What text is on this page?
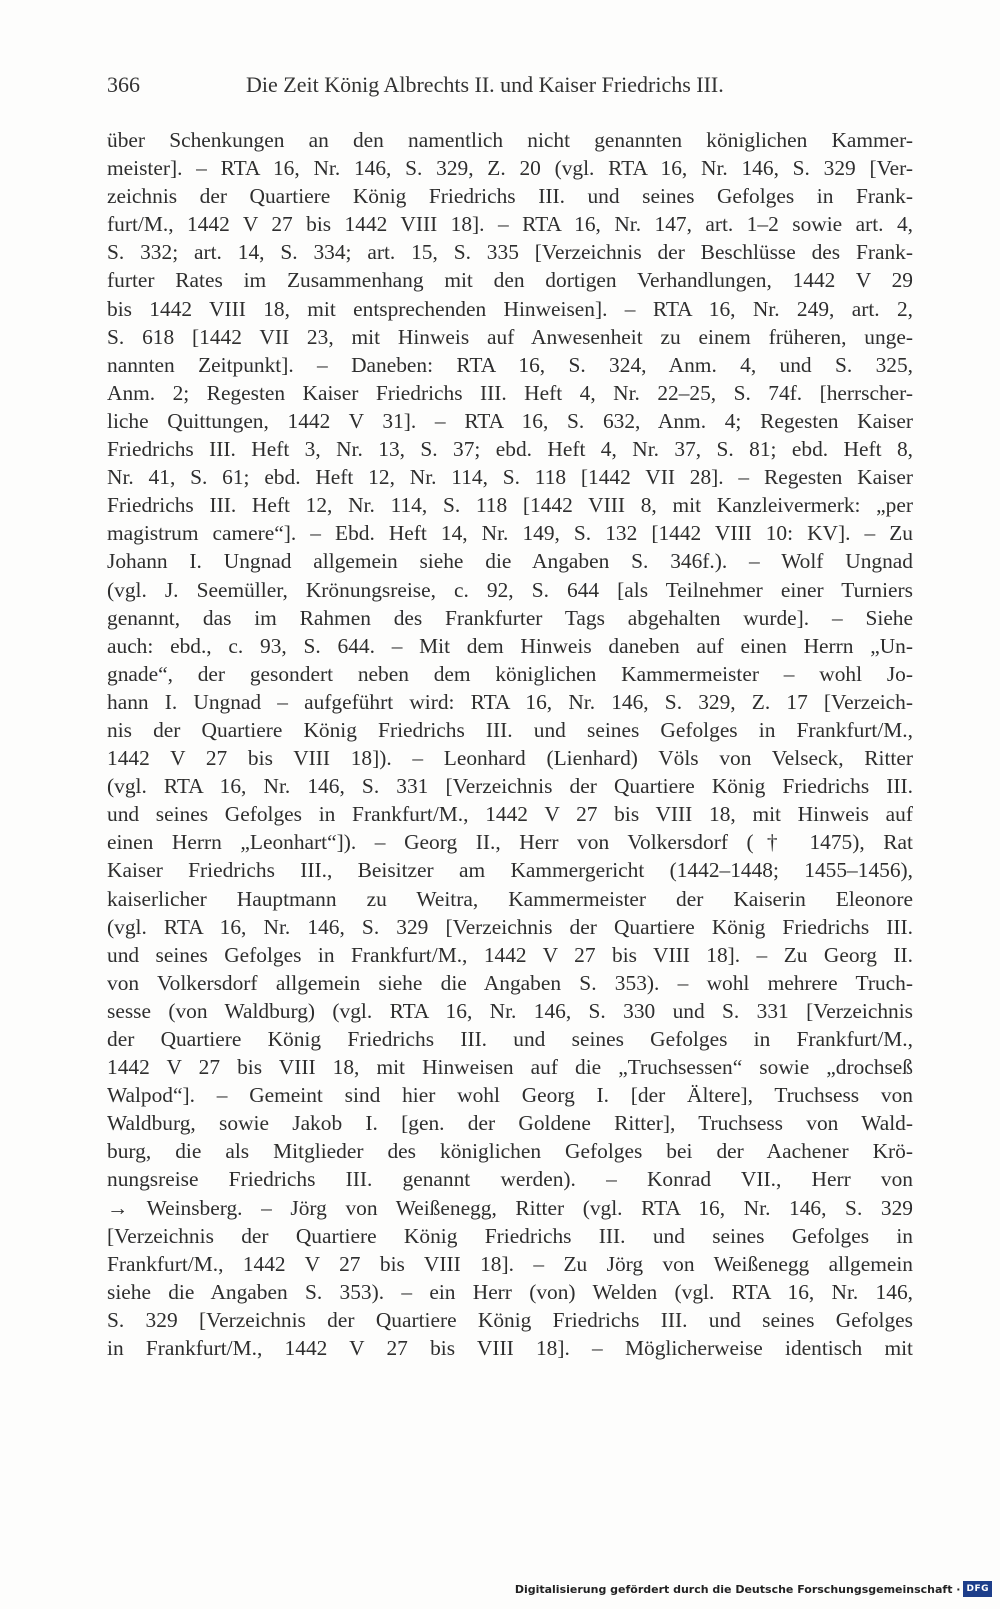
366	Die Zeit König Albrechts II. und Kaiser Friedrichs III.
über Schenkungen an den namentlich nicht genannten königlichen Kammer-
meister]. – RTA 16, Nr. 146, S. 329, Z. 20 (vgl. RTA 16, Nr. 146, S. 329 [Ver-
zeichnis der Quartiere König Friedrichs III. und seines Gefolges in Frank-
furt/M., 1442 V 27 bis 1442 VIII 18]. – RTA 16, Nr. 147, art. 1–2 sowie art. 4,
S. 332; art. 14, S. 334; art. 15, S. 335 [Verzeichnis der Beschlüsse des Frank-
furter Rates im Zusammenhang mit den dortigen Verhandlungen, 1442 V 29
bis 1442 VIII 18, mit entsprechenden Hinweisen]. – RTA 16, Nr. 249, art. 2,
S. 618 [1442 VII 23, mit Hinweis auf Anwesenheit zu einem früheren, unge-
nannten Zeitpunkt]. – Daneben: RTA 16, S. 324, Anm. 4, und S. 325,
Anm. 2; Regesten Kaiser Friedrichs III. Heft 4, Nr. 22–25, S. 74f. [herrscher-
liche Quittungen, 1442 V 31]. – RTA 16, S. 632, Anm. 4; Regesten Kaiser
Friedrichs III. Heft 3, Nr. 13, S. 37; ebd. Heft 4, Nr. 37, S. 81; ebd. Heft 8,
Nr. 41, S. 61; ebd. Heft 12, Nr. 114, S. 118 [1442 VII 28]. – Regesten Kaiser
Friedrichs III. Heft 12, Nr. 114, S. 118 [1442 VIII 8, mit Kanzleivermerk: „per
magistrum camere“]. – Ebd. Heft 14, Nr. 149, S. 132 [1442 VIII 10: KV]. – Zu
Johann I. Ungnad allgemein siehe die Angaben S. 346f.). – Wolf Ungnad
(vgl. J. Seemüller, Krönungsreise, c. 92, S. 644 [als Teilnehmer einer Turniers
genannt, das im Rahmen des Frankfurter Tags abgehalten wurde]. – Siehe
auch: ebd., c. 93, S. 644. – Mit dem Hinweis daneben auf einen Herrn „Un-
gnade“, der gesondert neben dem königlichen Kammermeister – wohl Jo-
hann I. Ungnad – aufgeführt wird: RTA 16, Nr. 146, S. 329, Z. 17 [Verzeich-
nis der Quartiere König Friedrichs III. und seines Gefolges in Frankfurt/M.,
1442 V 27 bis VIII 18]). – Leonhard (Lienhard) Völs von Velseck, Ritter
(vgl. RTA 16, Nr. 146, S. 331 [Verzeichnis der Quartiere König Friedrichs III.
und seines Gefolges in Frankfurt/M., 1442 V 27 bis VIII 18, mit Hinweis auf
einen Herrn „Leonhart“]). – Georg II., Herr von Volkersdorf († 1475), Rat
Kaiser Friedrichs III., Beisitzer am Kammergericht (1442–1448; 1455–1456),
kaiserlicher Hauptmann zu Weitra, Kammermeister der Kaiserin Eleonore
(vgl. RTA 16, Nr. 146, S. 329 [Verzeichnis der Quartiere König Friedrichs III.
und seines Gefolges in Frankfurt/M., 1442 V 27 bis VIII 18]. – Zu Georg II.
von Volkersdorf allgemein siehe die Angaben S. 353). – wohl mehrere Truch-
sesse (von Waldburg) (vgl. RTA 16, Nr. 146, S. 330 und S. 331 [Verzeichnis
der Quartiere König Friedrichs III. und seines Gefolges in Frankfurt/M.,
1442 V 27 bis VIII 18, mit Hinweisen auf die „Truchsessen“ sowie „drochseß
Walpod“]. – Gemeint sind hier wohl Georg I. [der Ältere], Truchsess von
Waldburg, sowie Jakob I. [gen. der Goldene Ritter], Truchsess von Wald-
burg, die als Mitglieder des königlichen Gefolges bei der Aachener Krö-
nungsreise Friedrichs III. genannt werden). – Konrad VII., Herr von
→ Weinsberg. – Jörg von Weißenegg, Ritter (vgl. RTA 16, Nr. 146, S. 329
[Verzeichnis der Quartiere König Friedrichs III. und seines Gefolges in
Frankfurt/M., 1442 V 27 bis VIII 18]. – Zu Jörg von Weißenegg allgemein
siehe die Angaben S. 353). – ein Herr (von) Welden (vgl. RTA 16, Nr. 146,
S. 329 [Verzeichnis der Quartiere König Friedrichs III. und seines Gefolges
in Frankfurt/M., 1442 V 27 bis VIII 18]. – Möglicherweise identisch mit
Digitalisierung gefördert durch die Deutsche Forschungsgemeinschaft · DFG
